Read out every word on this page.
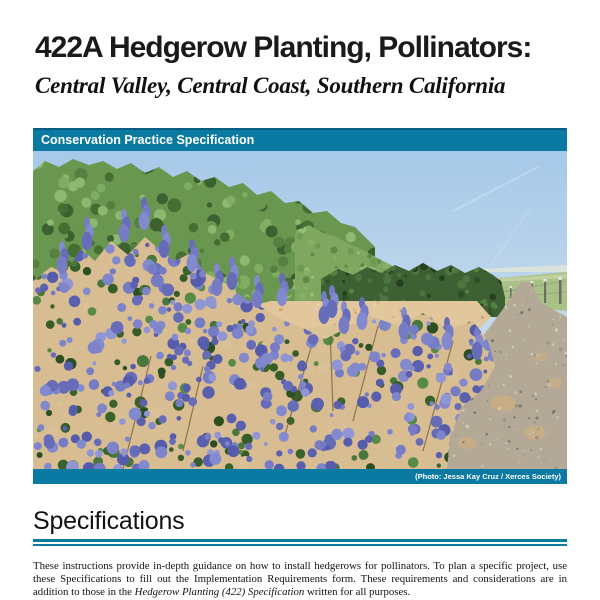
422A Hedgerow Planting, Pollinators:
Central Valley, Central Coast, Southern California
Conservation Practice Specification
(Photo: Jessa Kay Cruz / Xerces Society)
Specifications

These instructions provide in-depth guidance on how to install hedgerows for pollinators. To plan a specific project, use these Specifications to fill out the Implementation Requirements form. These requirements and considerations are in addition to those in the Hedgerow Planting (422) Specification written for all purposes.
